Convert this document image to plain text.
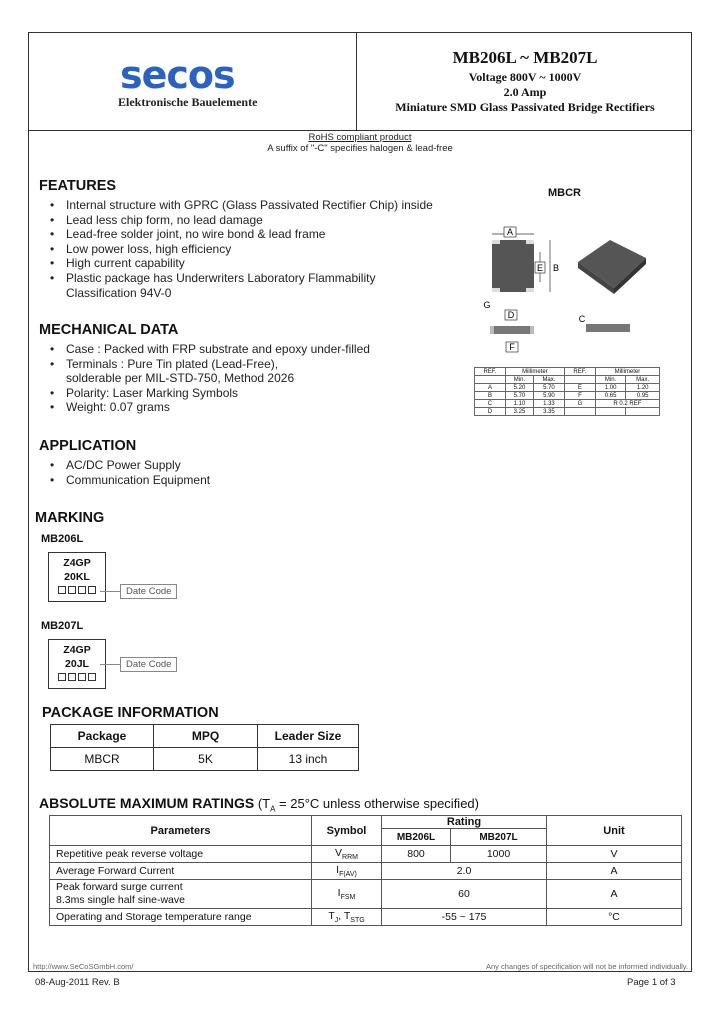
secos
Elektronische Bauelemente
MB206L ~ MB207L
Voltage 800V ~ 1000V
2.0 Amp
Miniature SMD Glass Passivated Bridge Rectifiers
RoHS compliant product
A suffix of "-C" specifies halogen & lead-free
FEATURES
• Internal structure with GPRC (Glass Passivated Rectifier Chip) inside
• Lead less chip form, no lead damage
• Lead-free solder joint, no wire bond & lead frame
• Low power loss, high efficiency
• High current capability
• Plastic package has Underwriters Laboratory Flammability
Classification 94V-0
MECHANICAL DATA
• Case : Packed with FRP substrate and epoxy under-filled
• Terminals : Pure Tin plated (Lead-Free),
solderable per MIL-STD-750, Method 2026
• Polarity: Laser Marking Symbols
• Weight: 0.07 grams
APPLICATION
• AC/DC Power Supply
• Communication Equipment
MBCR
A
E B
G
D
F
C
REF.	Millimeter		REF.	Millimeter	
	Min.	Max.		Min.	Max.
A	5.20	5.70	E	1.00	1.20
B	5.70	5.90	F	0.65	0.95
C	1.10	1.33	G	R 0.2 REF	
D	3.25	3.35			
MARKING
MB206L
Z4GP
20KL
Date Code
MB207L
Z4GP
20JL	Date Code
PACKAGE INFORMATION
Package	MPQ	Leader Size
MBCR	5K	13 inch
ABSOLUTE MAXIMUM RATINGS ($T_A = 25^\circ C$ unless otherwise specified)
Parameters	Symbol	Rating		Unit
		MB206L	MB207L	
Repetitive peak reverse voltage	$V_{RRM}$	800	1000	V
Average Forward Current	$I_{F(AV)}$	2.0		A

Peak forward surge current
8.3ms single half sine-wave	$I_{FSM}$	60		A
Operating and Storage temperature range	$T_J$, $T_{STG}$	-55 ~ 175		°C
http://www.SeCoSGmbH.com/	Any changes of specification will not be informed individually.
08-Aug-2011 Rev. B	Page 1 of 3
